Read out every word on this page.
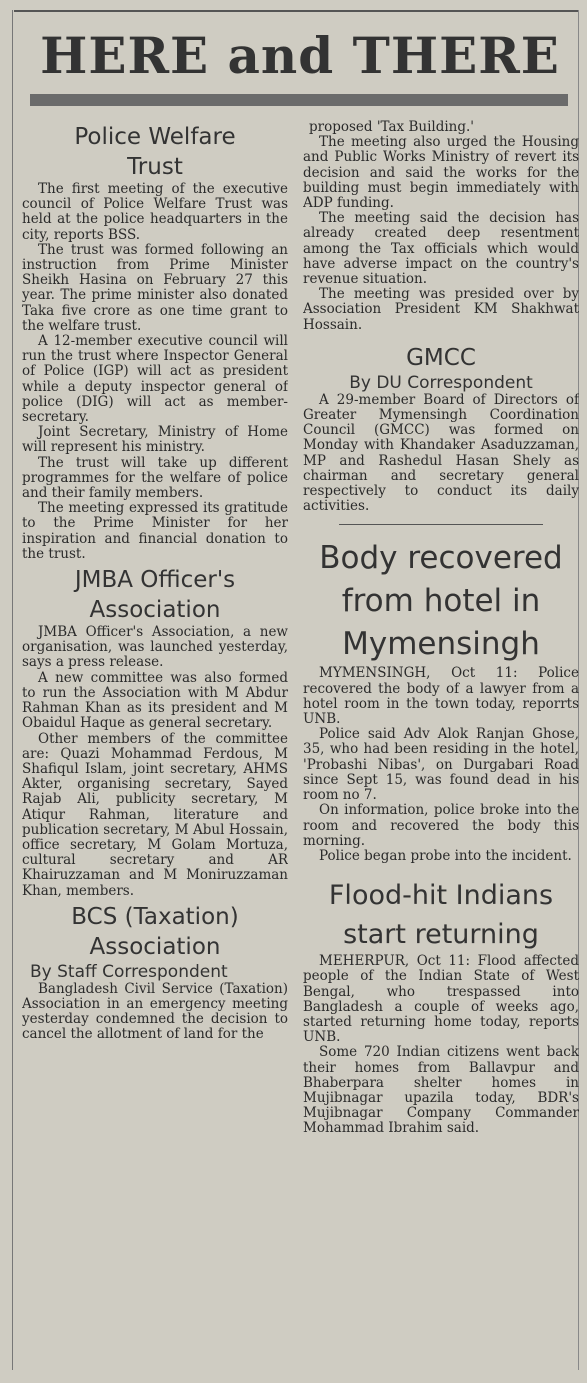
HERE and THERE
Police Welfare
Trust

The first meeting of the executive council of Police Welfare Trust was held at the police headquarters in the city, reports BSS.

The trust was formed following an instruction from Prime Minister Sheikh Hasina on February 27 this year. The prime minister also donated Taka five crore as one time grant to the welfare trust.

A 12-member executive council will run the trust where Inspector General of Police (IGP) will act as president while a deputy inspector general of police (DIG) will act as member-secretary.

Joint Secretary, Ministry of Home will represent his ministry.

The trust will take up different programmes for the welfare of police and their family members.

The meeting expressed its gratitude to the Prime Minister for her inspiration and financial donation to the trust.

JMBA Officer's
Association

JMBA Officer's Association, a new organisation, was launched yesterday, says a press release.

A new committee was also formed to run the Association with M Abdur Rahman Khan as its president and M Obaidul Haque as general secretary.

Other members of the committee are: Quazi Mohammad Ferdous, M Shafiqul Islam, joint secretary, AHMS Akter, organising secretary, Sayed Rajab Ali, publicity secretary, M Atiqur Rahman, literature and publication secretary, M Abul Hossain, office secretary, M Golam Mortuza, cultural secretary and AR Khairuzzaman and M Moniruzzaman Khan, members.

BCS (Taxation)
Association
By Staff Correspondent

Bangladesh Civil Service (Taxation) Association in an emergency meeting yesterday condemned the decision to cancel the allotment of land for the

proposed 'Tax Building.'

The meeting also urged the Housing and Public Works Ministry of revert its decision and said the works for the building must begin immediately with ADP funding.

The meeting said the decision has already created deep resentment among the Tax officials which would have adverse impact on the country's revenue situation.

The meeting was presided over by Association President KM Shakhwat Hossain.

GMCC
By DU Correspondent

A 29-member Board of Directors of Greater Mymensingh Coordination Council (GMCC) was formed on Monday with Khandaker Asaduzzaman, MP and Rashedul Hasan Shely as chairman and secretary general respectively to conduct its daily activities.

Body recovered
from hotel in
Mymensingh

MYMENSINGH, Oct 11: Police recovered the body of a lawyer from a hotel room in the town today, reporrts UNB.

Police said Adv Alok Ranjan Ghose, 35, who had been residing in the hotel, 'Probashi Nibas', on Durgabari Road since Sept 15, was found dead in his room no 7.

On information, police broke into the room and recovered the body this morning.

Police began probe into the incident.

Flood-hit Indians
start returning

MEHERPUR, Oct 11: Flood affected people of the Indian State of West Bengal, who trespassed into Bangladesh a couple of weeks ago, started returning home today, reports UNB.

Some 720 Indian citizens went back their homes from Ballavpur and Bhaberpara shelter homes in Mujibnagar upazila today, BDR's Mujibnagar Company Commander Mohammad Ibrahim said.
